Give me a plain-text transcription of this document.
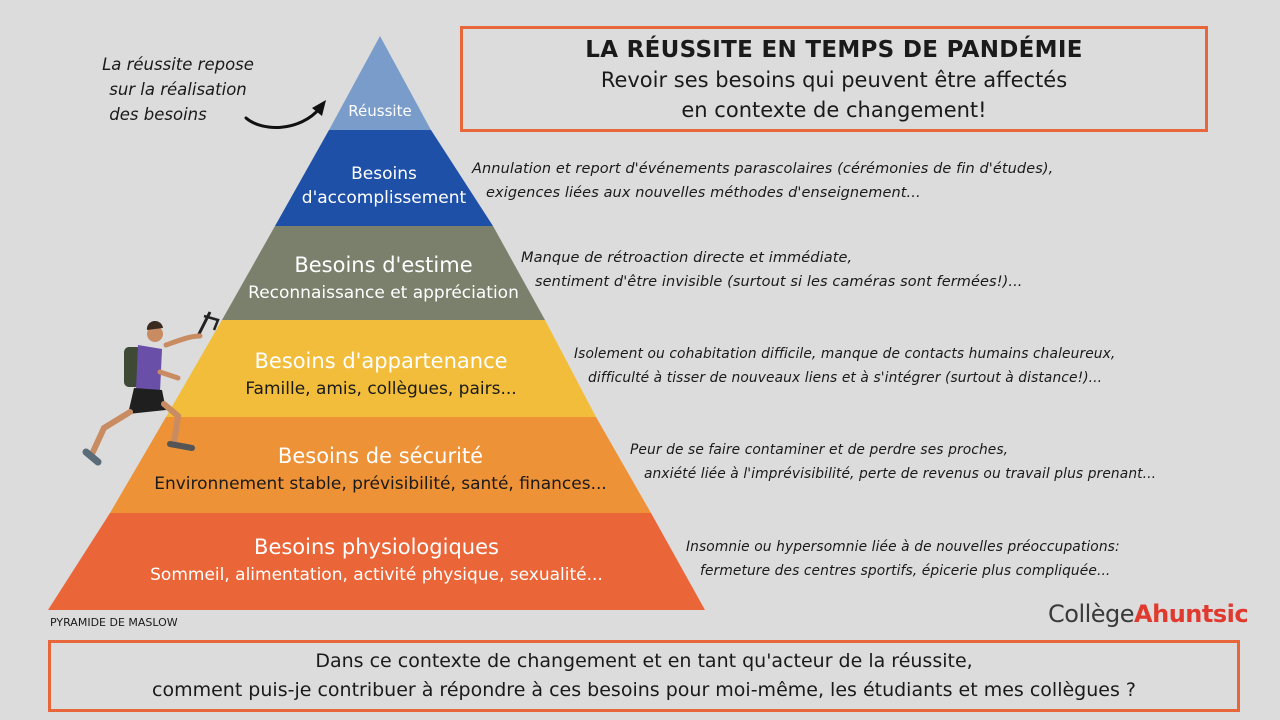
Réussite
Besoins
d'accomplissement
Besoins d'estime
Reconnaissance et appréciation
Besoins d'appartenance
Famille, amis, collègues, pairs...
Besoins de sécurité
Environnement stable, prévisibilité, santé, finances...
Besoins physiologiques
Sommeil, alimentation, activité physique, sexualité...
Annulation et report d'événements parascolaires (cérémonies de fin d'études),
exigences liées aux nouvelles méthodes d'enseignement...
Manque de rétroaction directe et immédiate,
sentiment d'être invisible (surtout si les caméras sont fermées!)...
Isolement ou cohabitation difficile, manque de contacts humains chaleureux,
difficulté à tisser de nouveaux liens et à s'intégrer (surtout à distance!)...
Peur de se faire contaminer et de perdre ses proches,
anxiété liée à l'imprévisibilité, perte de revenus ou travail plus prenant...
Insomnie ou hypersomnie liée à de nouvelles préoccupations:
fermeture des centres sportifs, épicerie plus compliquée...
LA RÉUSSITE EN TEMPS DE PANDÉMIE
Revoir ses besoins qui peuvent être affectés
en contexte de changement!
La réussite repose
sur la réalisation
des besoins
PYRAMIDE DE MASLOW	CollègeAhuntsic
Dans ce contexte de changement et en tant qu'acteur de la réussite,
comment puis-je contribuer à répondre à ces besoins pour moi-même, les étudiants et mes collègues ?
